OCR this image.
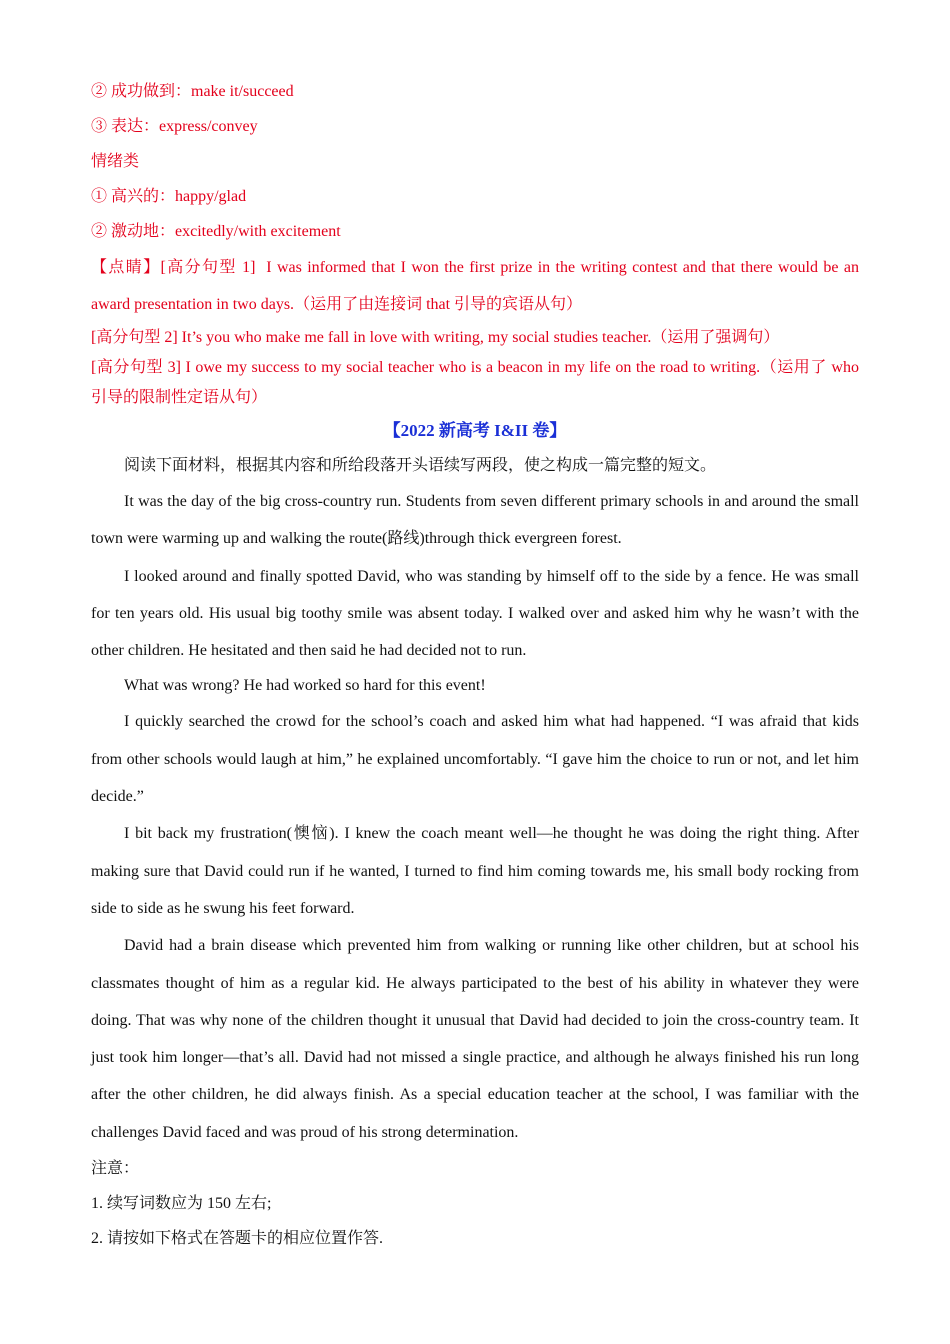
② 成功做到：make it/succeed

③ 表达：express/convey

情绪类

① 高兴的：happy/glad

② 激动地：excitedly/with excitement

【点睛】[高分句型 1] I was informed that I won the first prize in the writing contest and that there would be an award presentation in two days.（运用了由连接词 that 引导的宾语从句）

[高分句型 2] It’s you who make me fall in love with writing, my social studies teacher.（运用了强调句）

[高分句型 3] I owe my success to my social teacher who is a beacon in my life on the road to writing.（运用了 who 引导的限制性定语从句）

【2022 新高考 I&II 卷】

阅读下面材料，根据其内容和所给段落开头语续写两段，使之构成一篇完整的短文。

It was the day of the big cross-country run. Students from seven different primary schools in and around the small town were warming up and walking the route(路线)through thick evergreen forest.

I looked around and finally spotted David, who was standing by himself off to the side by a fence. He was small for ten years old. His usual big toothy smile was absent today. I walked over and asked him why he wasn’t with the other children. He hesitated and then said he had decided not to run.

What was wrong? He had worked so hard for this event!

I quickly searched the crowd for the school’s coach and asked him what had happened. “I was afraid that kids from other schools would laugh at him,” he explained uncomfortably. “I gave him the choice to run or not, and let him decide.”

I bit back my frustration(懊恼). I knew the coach meant well—he thought he was doing the right thing. After making sure that David could run if he wanted, I turned to find him coming towards me, his small body rocking from side to side as he swung his feet forward.

David had a brain disease which prevented him from walking or running like other children, but at school his classmates thought of him as a regular kid. He always participated to the best of his ability in whatever they were doing. That was why none of the children thought it unusual that David had decided to join the cross-country team. It just took him longer—that’s all. David had not missed a single practice, and although he always finished his run long after the other children, he did always finish. As a special education teacher at the school, I was familiar with the challenges David faced and was proud of his strong determination.

注意：

1. 续写词数应为 150 左右;

2. 请按如下格式在答题卡的相应位置作答.
